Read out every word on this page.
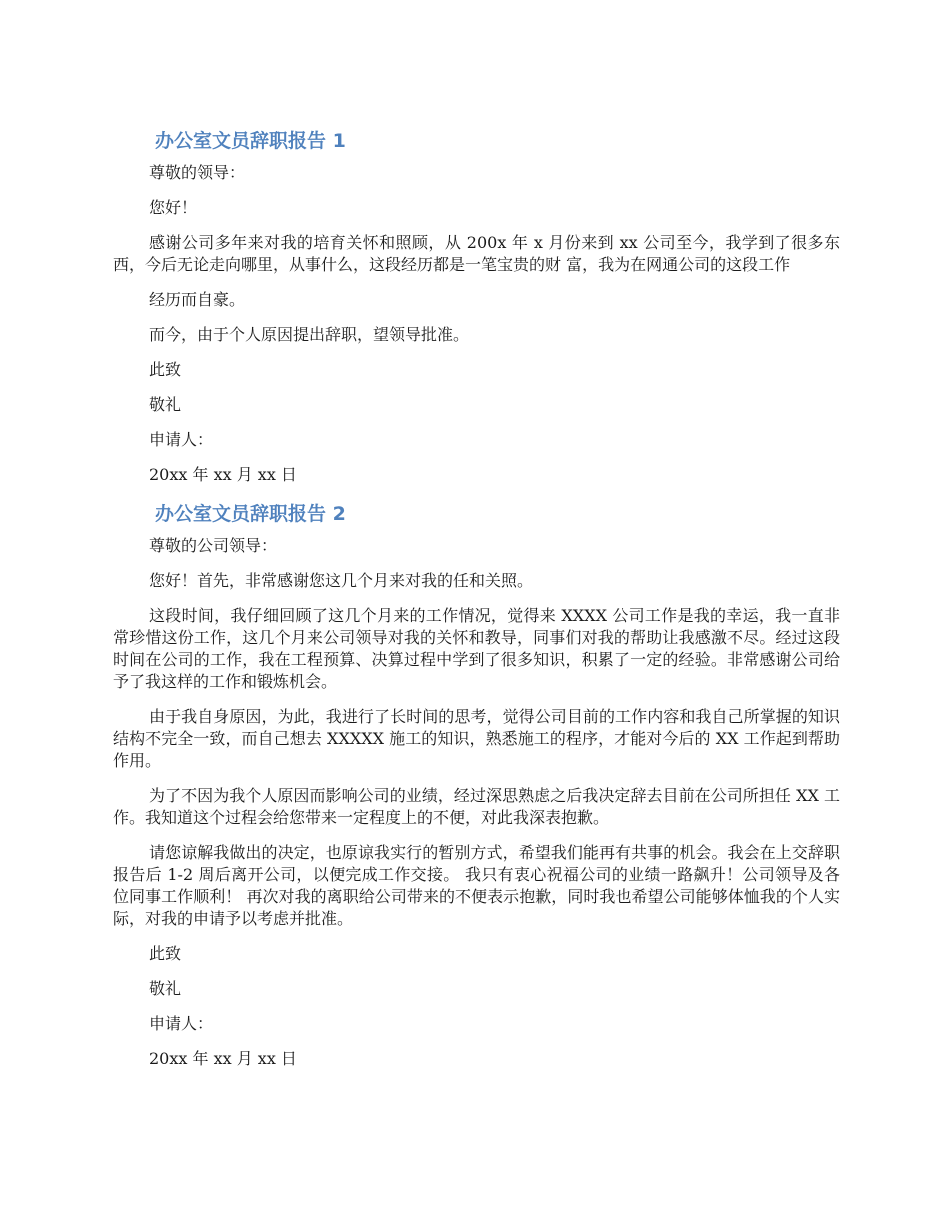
办公室文员辞职报告 1

尊敬的领导：

您好！

感谢公司多年来对我的培育关怀和照顾，从 200x 年 x 月份来到 xx 公司至今，我学到了很多东西，今后无论走向哪里，从事什么，这段经历都是一笔宝贵的财 富，我为在网通公司的这段工作

经历而自豪。

而今，由于个人原因提出辞职，望领导批准。

此致

敬礼

申请人：

20xx 年 xx 月 xx 日

办公室文员辞职报告 2

尊敬的公司领导：

您好！首先，非常感谢您这几个月来对我的任和关照。

这段时间，我仔细回顾了这几个月来的工作情况，觉得来 XXXX 公司工作是我的幸运，我一直非常珍惜这份工作，这几个月来公司领导对我的关怀和教导，同事们对我的帮助让我感激不尽。经过这段时间在公司的工作，我在工程预算、决算过程中学到了很多知识，积累了一定的经验。非常感谢公司给予了我这样的工作和锻炼机会。

由于我自身原因，为此，我进行了长时间的思考，觉得公司目前的工作内容和我自己所掌握的知识结构不完全一致，而自己想去 XXXXX 施工的知识，熟悉施工的程序，才能对今后的 XX 工作起到帮助作用。

为了不因为我个人原因而影响公司的业绩，经过深思熟虑之后我决定辞去目前在公司所担任 XX 工作。我知道这个过程会给您带来一定程度上的不便，对此我深表抱歉。

请您谅解我做出的决定，也原谅我实行的暂别方式，希望我们能再有共事的机会。我会在上交辞职报告后 1-2 周后离开公司，以便完成工作交接。 我只有衷心祝福公司的业绩一路飙升！公司领导及各位同事工作顺利！ 再次对我的离职给公司带来的不便表示抱歉，同时我也希望公司能够体恤我的个人实际，对我的申请予以考虑并批准。

此致

敬礼

申请人：

20xx 年 xx 月 xx 日
